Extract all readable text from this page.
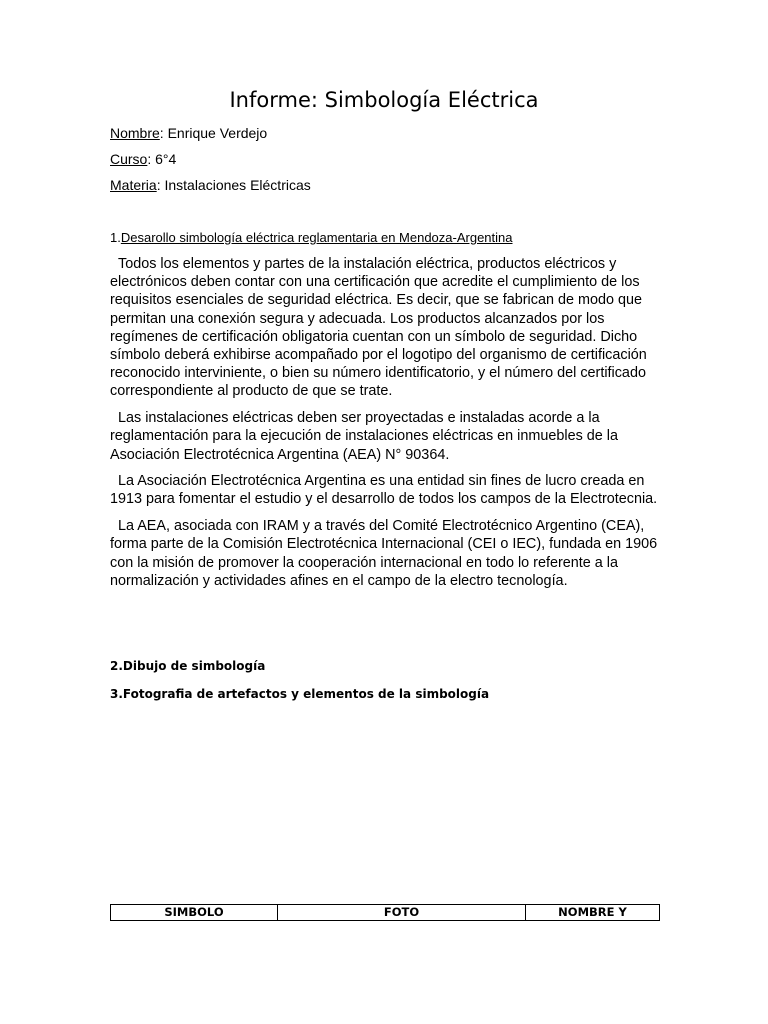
Informe: Simbología Eléctrica
Nombre: Enrique Verdejo
Curso: 6°4
Materia: Instalaciones Eléctricas
1.Desarollo simbología eléctrica reglamentaria en Mendoza-Argentina

Todos los elementos y partes de la instalación eléctrica, productos eléctricos y electrónicos deben contar con una certificación que acredite el cumplimiento de los requisitos esenciales de seguridad eléctrica. Es decir, que se fabrican de modo que permitan una conexión segura y adecuada. Los productos alcanzados por los regímenes de certificación obligatoria cuentan con un símbolo de seguridad. Dicho símbolo deberá exhibirse acompañado por el logotipo del organismo de certificación reconocido interviniente, o bien su número identificatorio, y el número del certificado correspondiente al producto de que se trate.

Las instalaciones eléctricas deben ser proyectadas e instaladas acorde a la reglamentación para la ejecución de instalaciones eléctricas en inmuebles de la Asociación Electrotécnica Argentina (AEA) N° 90364.

La Asociación Electrotécnica Argentina es una entidad sin fines de lucro creada en 1913 para fomentar el estudio y el desarrollo de todos los campos de la Electrotecnia.

La AEA, asociada con IRAM y a través del Comité Electrotécnico Argentino (CEA), forma parte de la Comisión Electrotécnica Internacional (CEI o IEC), fundada en 1906 con la misión de promover la cooperación internacional en todo lo referente a la normalización y actividades afines en el campo de la electro tecnología.

2.Dibujo de simbología
3.Fotografia de artefactos y elementos de la simbología
SIMBOLO	FOTO	NOMBRE Y
